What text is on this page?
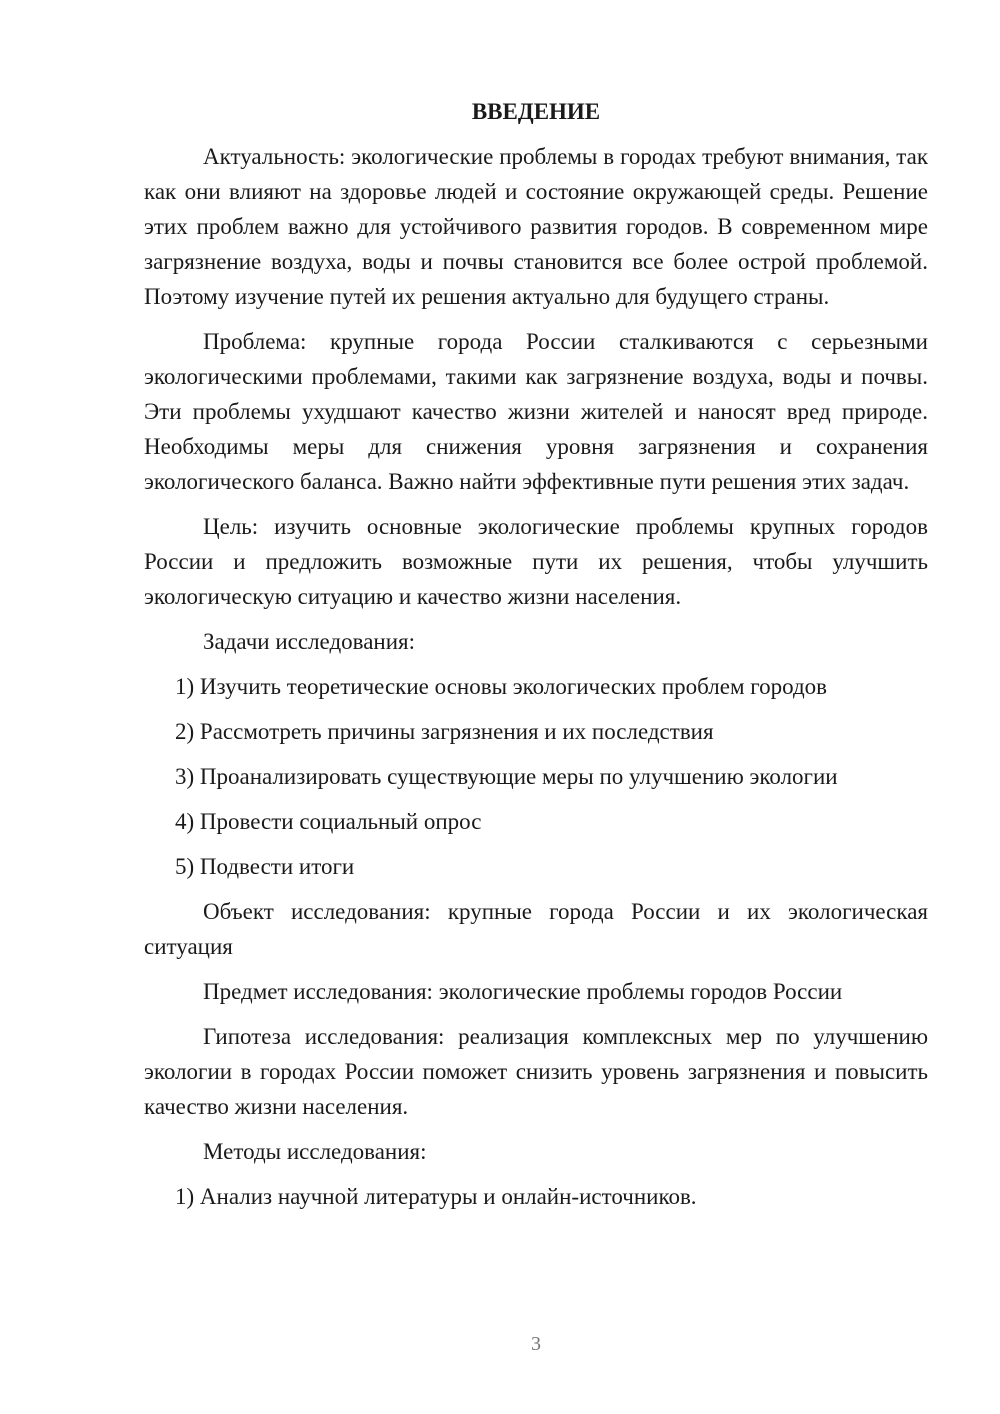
ВВЕДЕНИЕ
Актуальность: экологические проблемы в городах требуют внимания, так как они влияют на здоровье людей и состояние окружающей среды. Решение этих проблем важно для устойчивого развития городов. В современном мире загрязнение воздуха, воды и почвы становится все более острой проблемой. Поэтому изучение путей их решения актуально для будущего страны.
Проблема: крупные города России сталкиваются с серьезными экологическими проблемами, такими как загрязнение воздуха, воды и почвы. Эти проблемы ухудшают качество жизни жителей и наносят вред природе. Необходимы меры для снижения уровня загрязнения и сохранения экологического баланса. Важно найти эффективные пути решения этих задач.
Цель: изучить основные экологические проблемы крупных городов России и предложить возможные пути их решения, чтобы улучшить экологическую ситуацию и качество жизни населения.
Задачи исследования:
1) Изучить теоретические основы экологических проблем городов
2) Рассмотреть причины загрязнения и их последствия
3) Проанализировать существующие меры по улучшению экологии
4) Провести социальный опрос
5) Подвести итоги
Объект исследования: крупные города России и их экологическая ситуация
Предмет исследования: экологические проблемы городов России
Гипотеза исследования: реализация комплексных мер по улучшению экологии в городах России поможет снизить уровень загрязнения и повысить качество жизни населения.
Методы исследования:
1) Анализ научной литературы и онлайн-источников.
3
